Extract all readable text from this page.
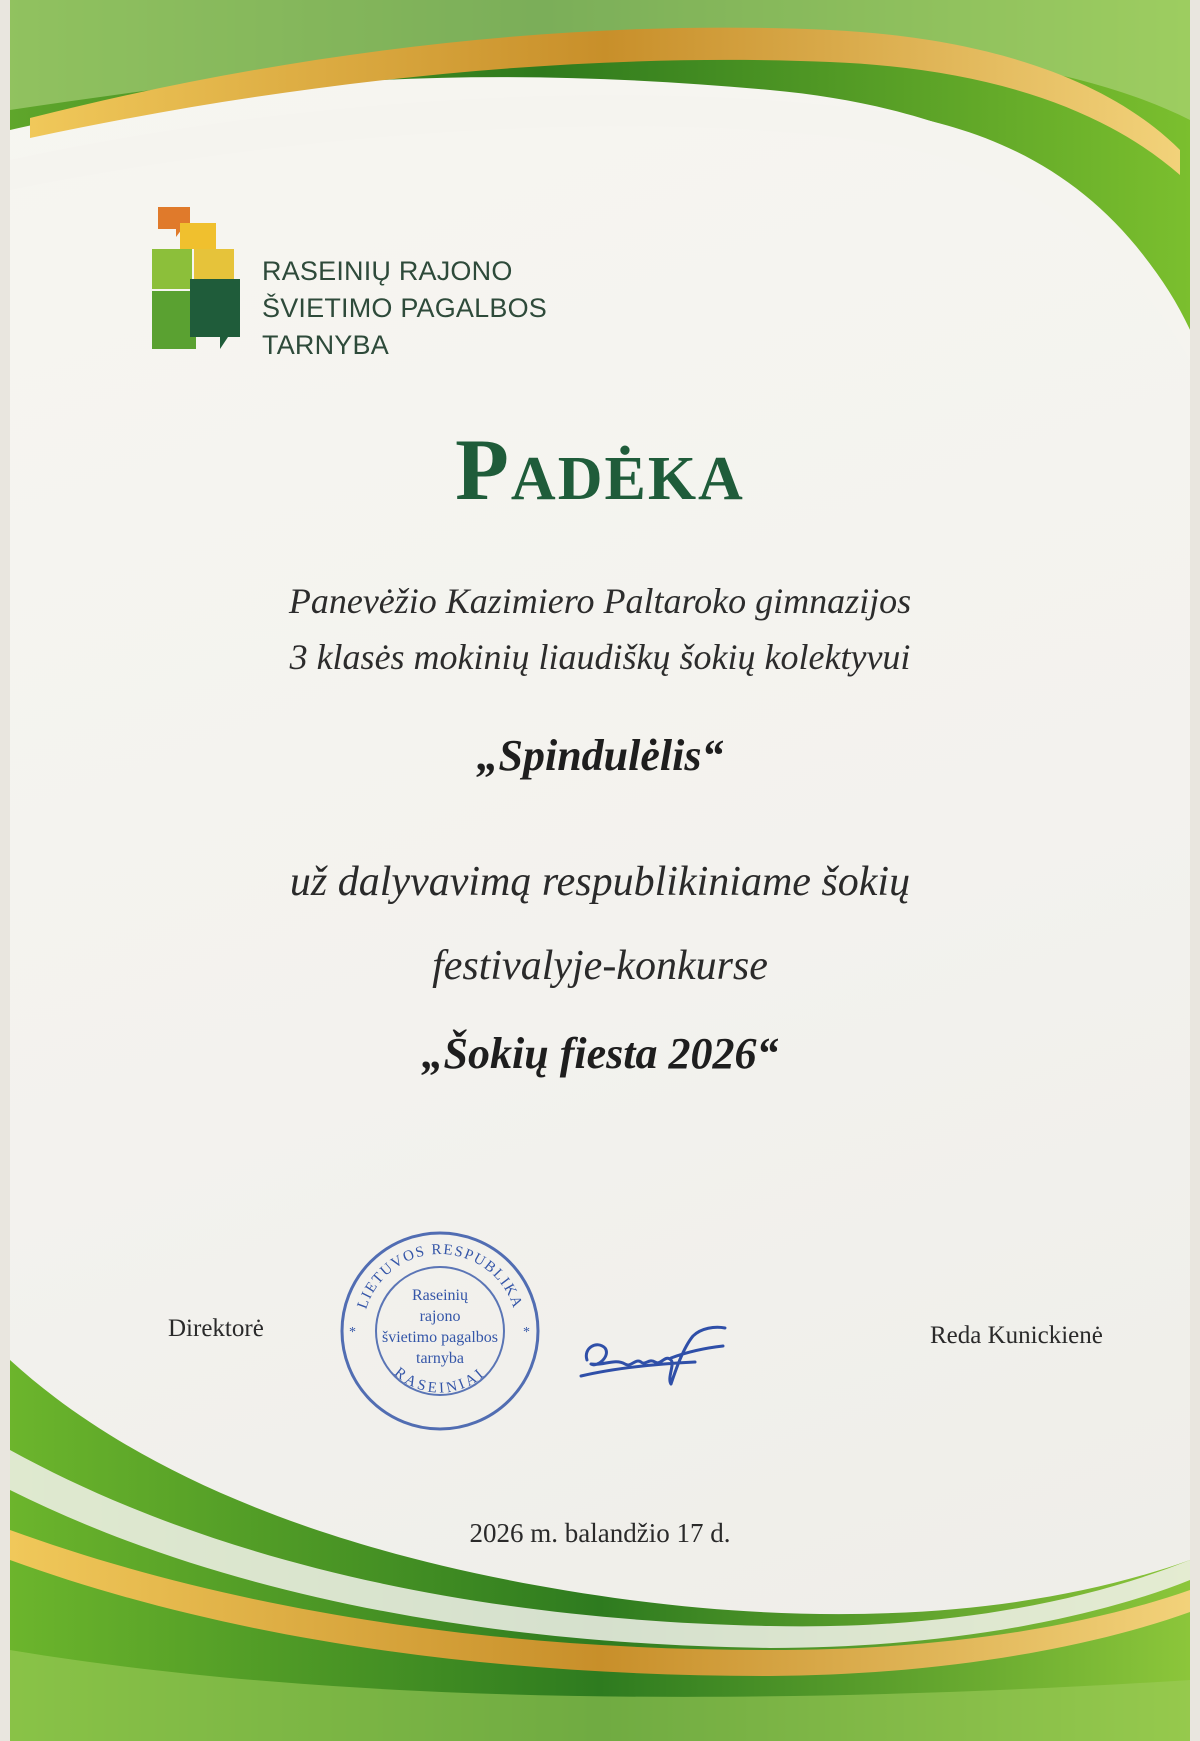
RASEINIŲ RAJONO
ŠVIETIMO PAGALBOS
TARNYBA
Padėka
Panevėžio Kazimiero Paltaroko gimnazijos
3 klasės mokinių liaudiškų šokių kolektyvui
„Spindulėlis“
už dalyvavimą respublikiniame šokių
festivalyje-konkurse
„Šokių fiesta 2026“
Direktorė
LIETUVOS RESPUBLIKA
RASEINIAI
*	*
Raseinių
rajono
švietimo pagalbos
tarnyba
Reda Kunickienė
2026 m. balandžio 17 d.
